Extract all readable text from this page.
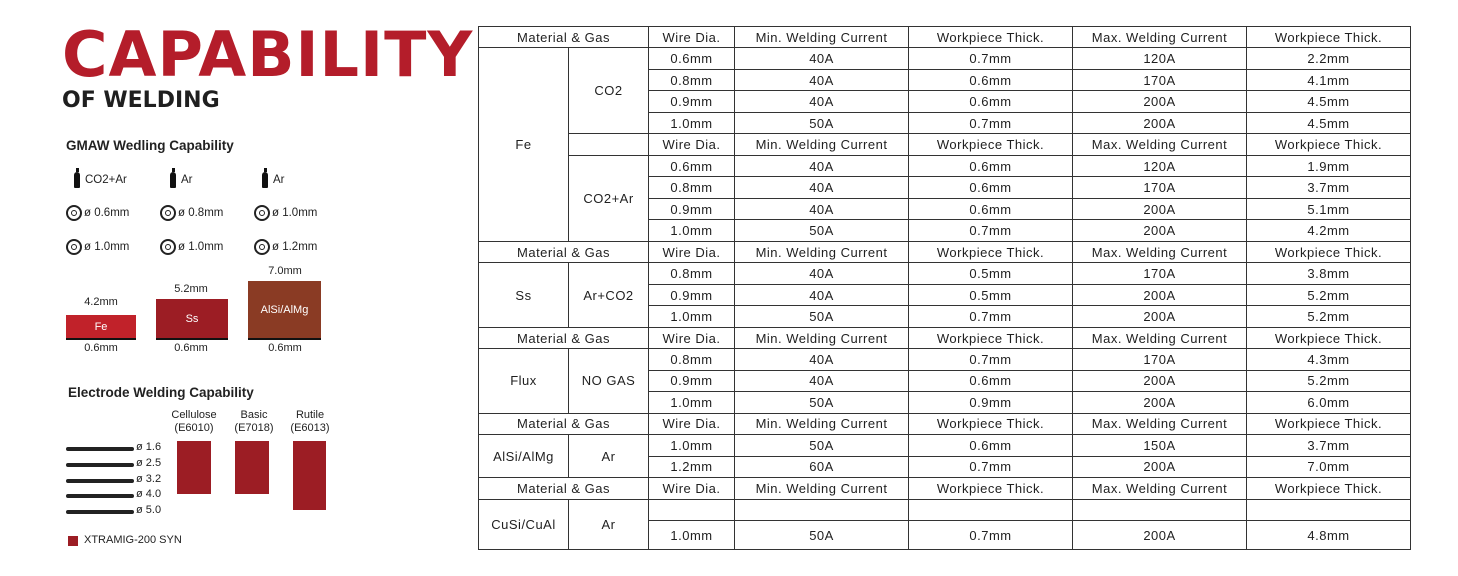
CAPABILITY
OF WELDING
GMAW Wedling Capability
CO2+Ar	Ar	Ar
ø 0.6mm	ø 0.8mm	ø 1.0mm
ø 1.0mm	ø 1.0mm	ø 1.2mm
4.2mm
Fe
0.6mm
5.2mm
Ss
0.6mm
7.0mm
AlSi/AlMg
0.6mm
Electrode Welding Capability
Cellulose
(E6010)
Basic
(E7018)
Rutile
(E6013)
ø 1.6
ø 2.5
ø 3.2
ø 4.0
ø 5.0
XTRAMIG-200 SYN
Material & Gas		Wire Dia.	Min. Welding Current	Workpiece Thick.	Max. Welding Current	Workpiece Thick.
Fe	CO2	0.6mm	40A	0.7mm	120A	2.2mm
		0.8mm	40A	0.6mm	170A	4.1mm
		0.9mm	40A	0.6mm	200A	4.5mm
		1.0mm	50A	0.7mm	200A	4.5mm
		Wire Dia.	Min. Welding Current	Workpiece Thick.	Max. Welding Current	Workpiece Thick.
	CO2+Ar	0.6mm	40A	0.6mm	120A	1.9mm
		0.8mm	40A	0.6mm	170A	3.7mm
		0.9mm	40A	0.6mm	200A	5.1mm
		1.0mm	50A	0.7mm	200A	4.2mm
Material & Gas		Wire Dia.	Min. Welding Current	Workpiece Thick.	Max. Welding Current	Workpiece Thick.
Ss	Ar+CO2	0.8mm	40A	0.5mm	170A	3.8mm
		0.9mm	40A	0.5mm	200A	5.2mm
		1.0mm	50A	0.7mm	200A	5.2mm
Material & Gas		Wire Dia.	Min. Welding Current	Workpiece Thick.	Max. Welding Current	Workpiece Thick.
Flux	NO GAS	0.8mm	40A	0.7mm	170A	4.3mm
		0.9mm	40A	0.6mm	200A	5.2mm
		1.0mm	50A	0.9mm	200A	6.0mm
Material & Gas		Wire Dia.	Min. Welding Current	Workpiece Thick.	Max. Welding Current	Workpiece Thick.
AlSi/AlMg	Ar	1.0mm	50A	0.6mm	150A	3.7mm
		1.2mm	60A	0.7mm	200A	7.0mm
Material & Gas		Wire Dia.	Min. Welding Current	Workpiece Thick.	Max. Welding Current	Workpiece Thick.
CuSi/CuAl	Ar					
		1.0mm	50A	0.7mm	200A	4.8mm
